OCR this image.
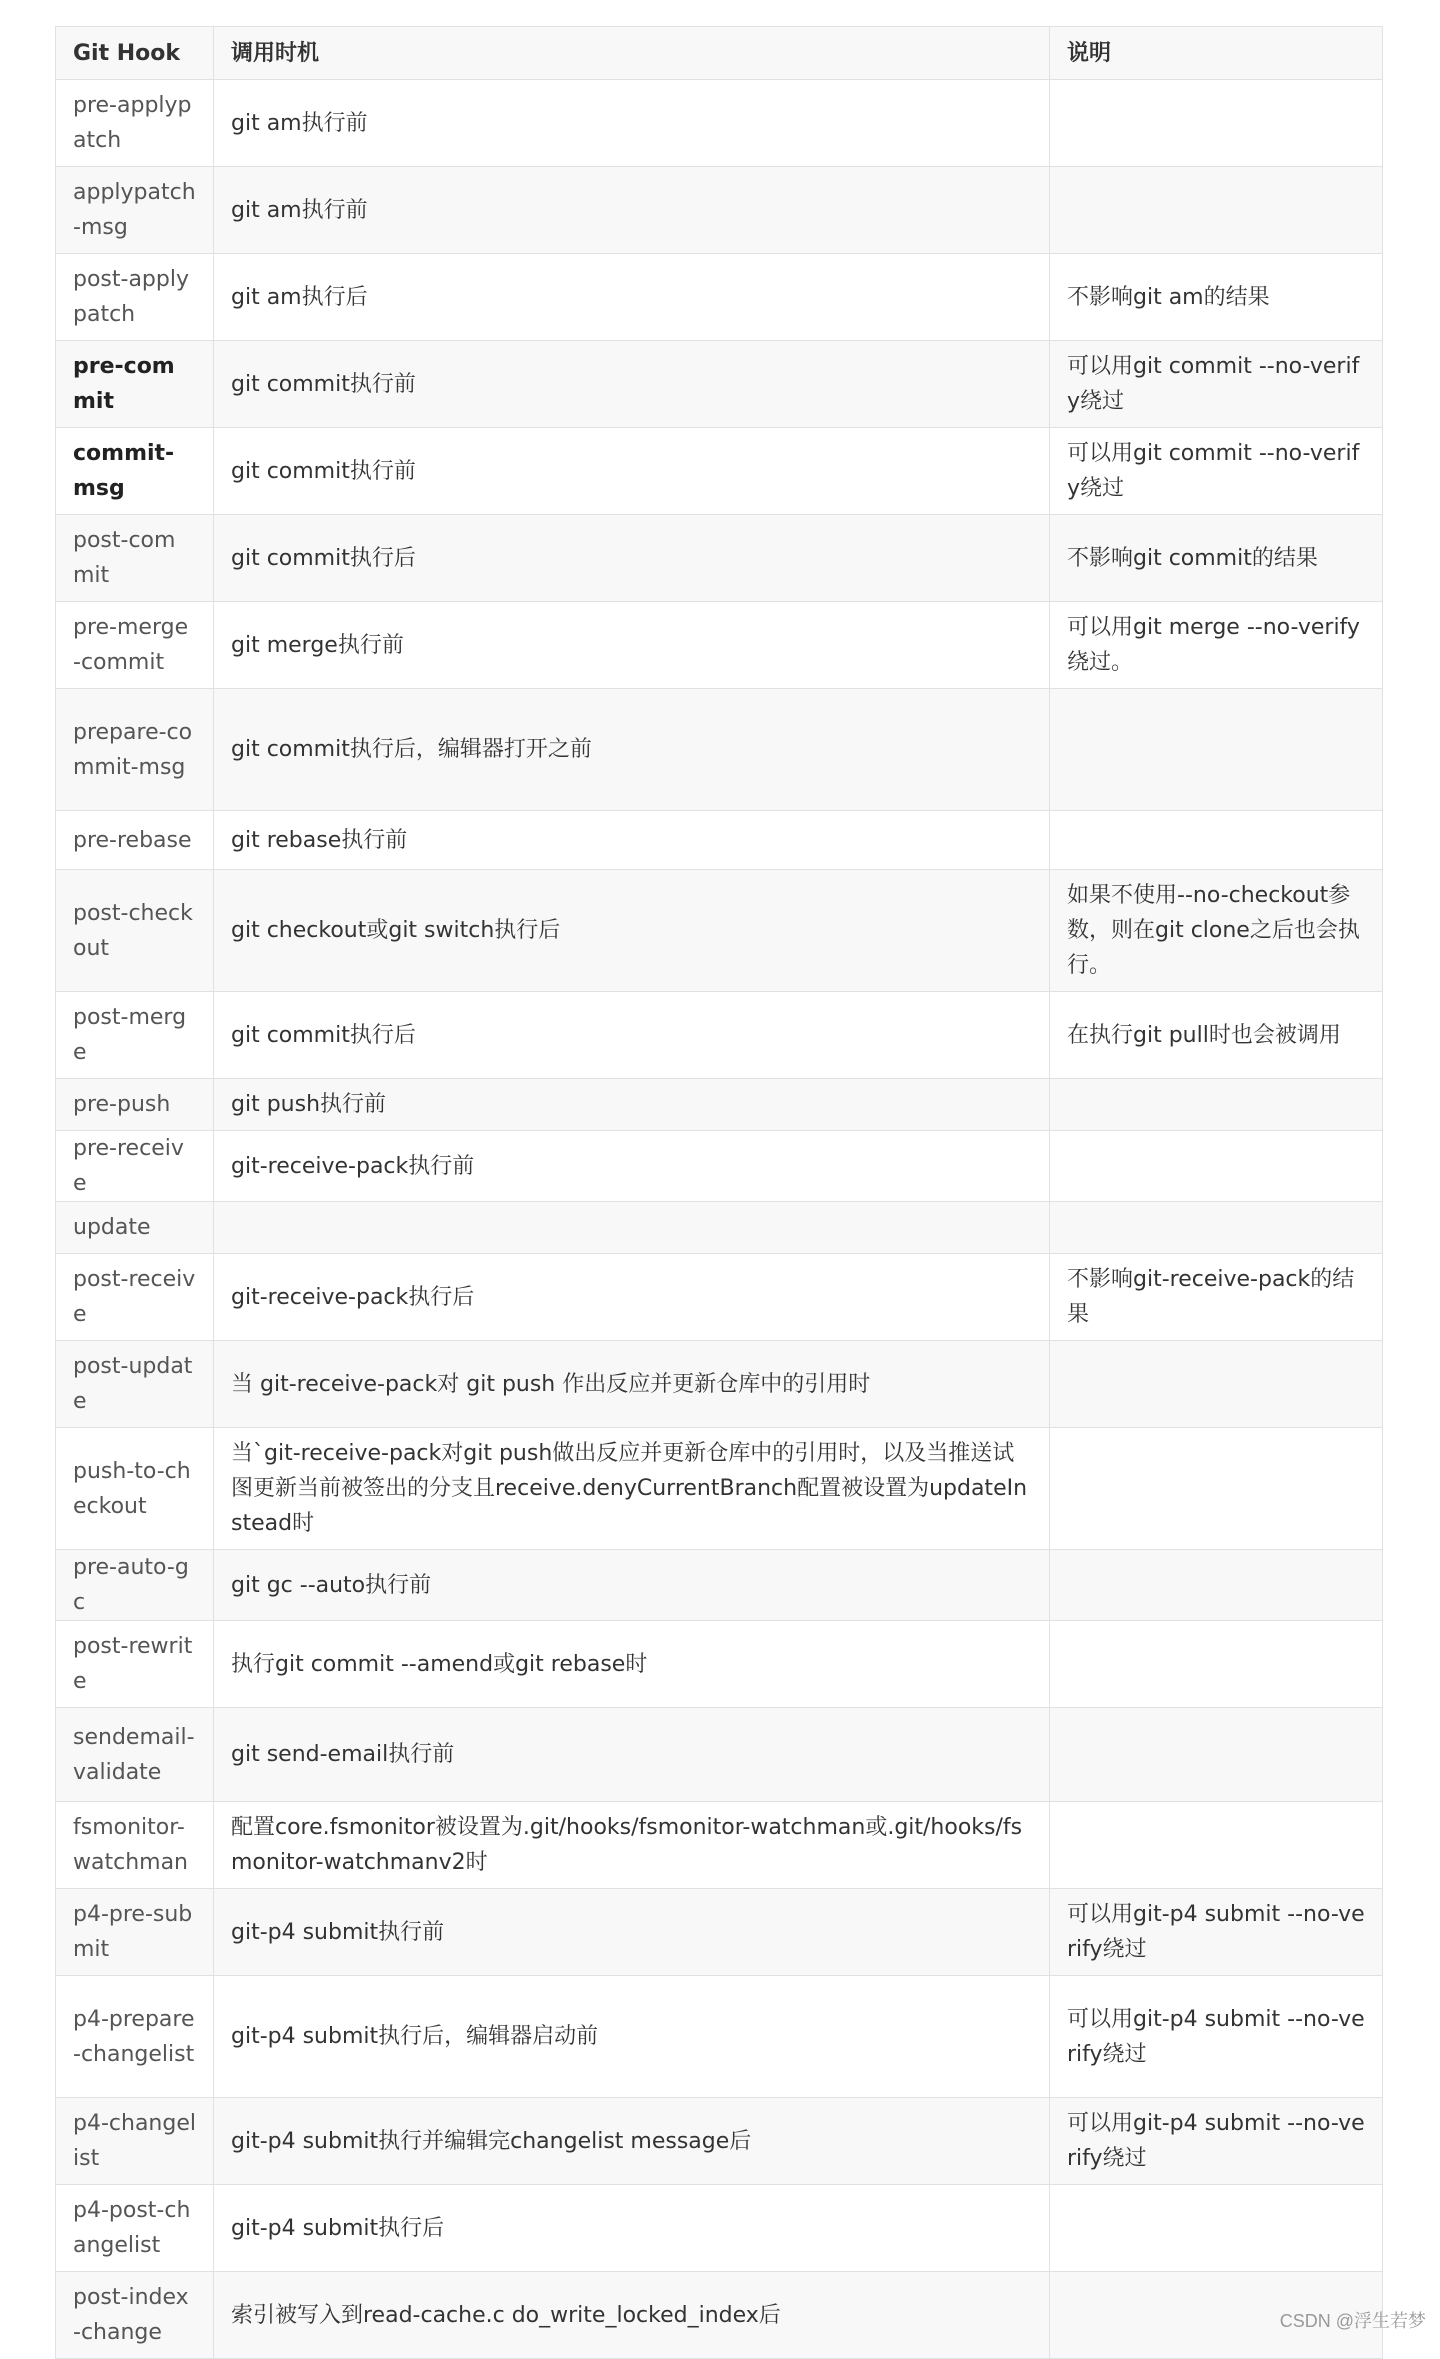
Git Hook	调用时机	说明

pre-applypatch	git am执行前	

applypatch-msg	git am执行前	

post-applypatch	git am执行后	不影响git am的结果

pre-commit	git commit执行前	可以用git commit --no-verify绕过

commit-msg	git commit执行前	可以用git commit --no-verify绕过

post-commit	git commit执行后	不影响git commit的结果

pre-merge-commit	git merge执行前	可以用git merge --no-verify绕过。

prepare-commit-msg	git commit执行后，编辑器打开之前	

pre-rebase	git rebase执行前	

post-checkout	git checkout或git switch执行后	如果不使用--no-checkout参数，则在git clone之后也会执行。

post-merge	git commit执行后	在执行git pull时也会被调用

pre-push	git push执行前	

pre-receive	git-receive-pack执行前	

update		

post-receive	git-receive-pack执行后	不影响git-receive-pack的结果

post-update	当 git-receive-pack对 git push 作出反应并更新仓库中的引用时	

push-to-checkout	当`git-receive-pack对git push做出反应并更新仓库中的引用时，以及当推送试图更新当前被签出的分支且receive.denyCurrentBranch配置被设置为updateInstead时	

pre-auto-gc	git gc --auto执行前	

post-rewrite	执行git commit --amend或git rebase时	

sendemail-validate	git send-email执行前	

fsmonitor-watchman	配置core.fsmonitor被设置为.git/hooks/fsmonitor-watchman或.git/hooks/fsmonitor-watchmanv2时	

p4-pre-submit	git-p4 submit执行前	可以用git-p4 submit --no-verify绕过

p4-prepare-changelist	git-p4 submit执行后，编辑器启动前	可以用git-p4 submit --no-verify绕过

p4-changelist	git-p4 submit执行并编辑完changelist message后	可以用git-p4 submit --no-verify绕过

p4-post-changelist	git-p4 submit执行后	

post-index-change	索引被写入到read-cache.c do_write_locked_index后	
		CSDN @浮生若梦
